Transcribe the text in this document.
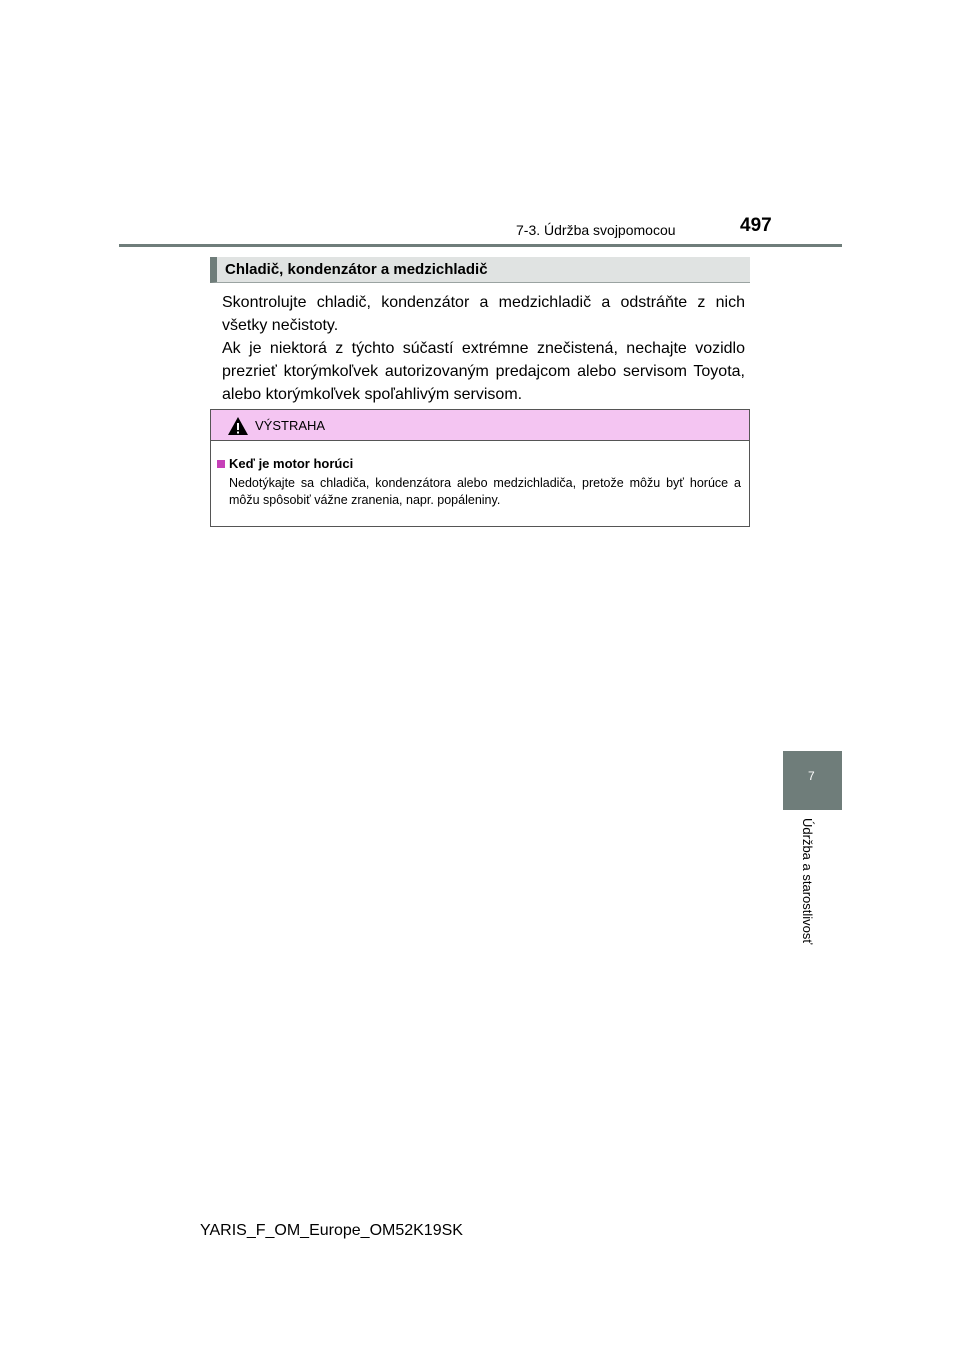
7-3. Údržba svojpomocou	497
Chladič, kondenzátor a medzichladič

Skontrolujte chladič, kondenzátor a medzichladič a odstráňte z nich všetky nečistoty.

Ak je niektorá z týchto súčastí extrémne znečistená, nechajte vozidlo prezrieť ktorýmkoľvek autorizovaným predajcom alebo servisom Toyota, alebo ktorýmkoľvek spoľahlivým servisom.

VÝSTRAHA
Keď je motor horúci
Nedotýkajte sa chladiča, kondenzátora alebo medzichladiča, pretože môžu byť horúce a môžu spôsobiť vážne zranenia, napr. popáleniny.
7
Údržba a starostlivosť
YARIS_F_OM_Europe_OM52K19SK
